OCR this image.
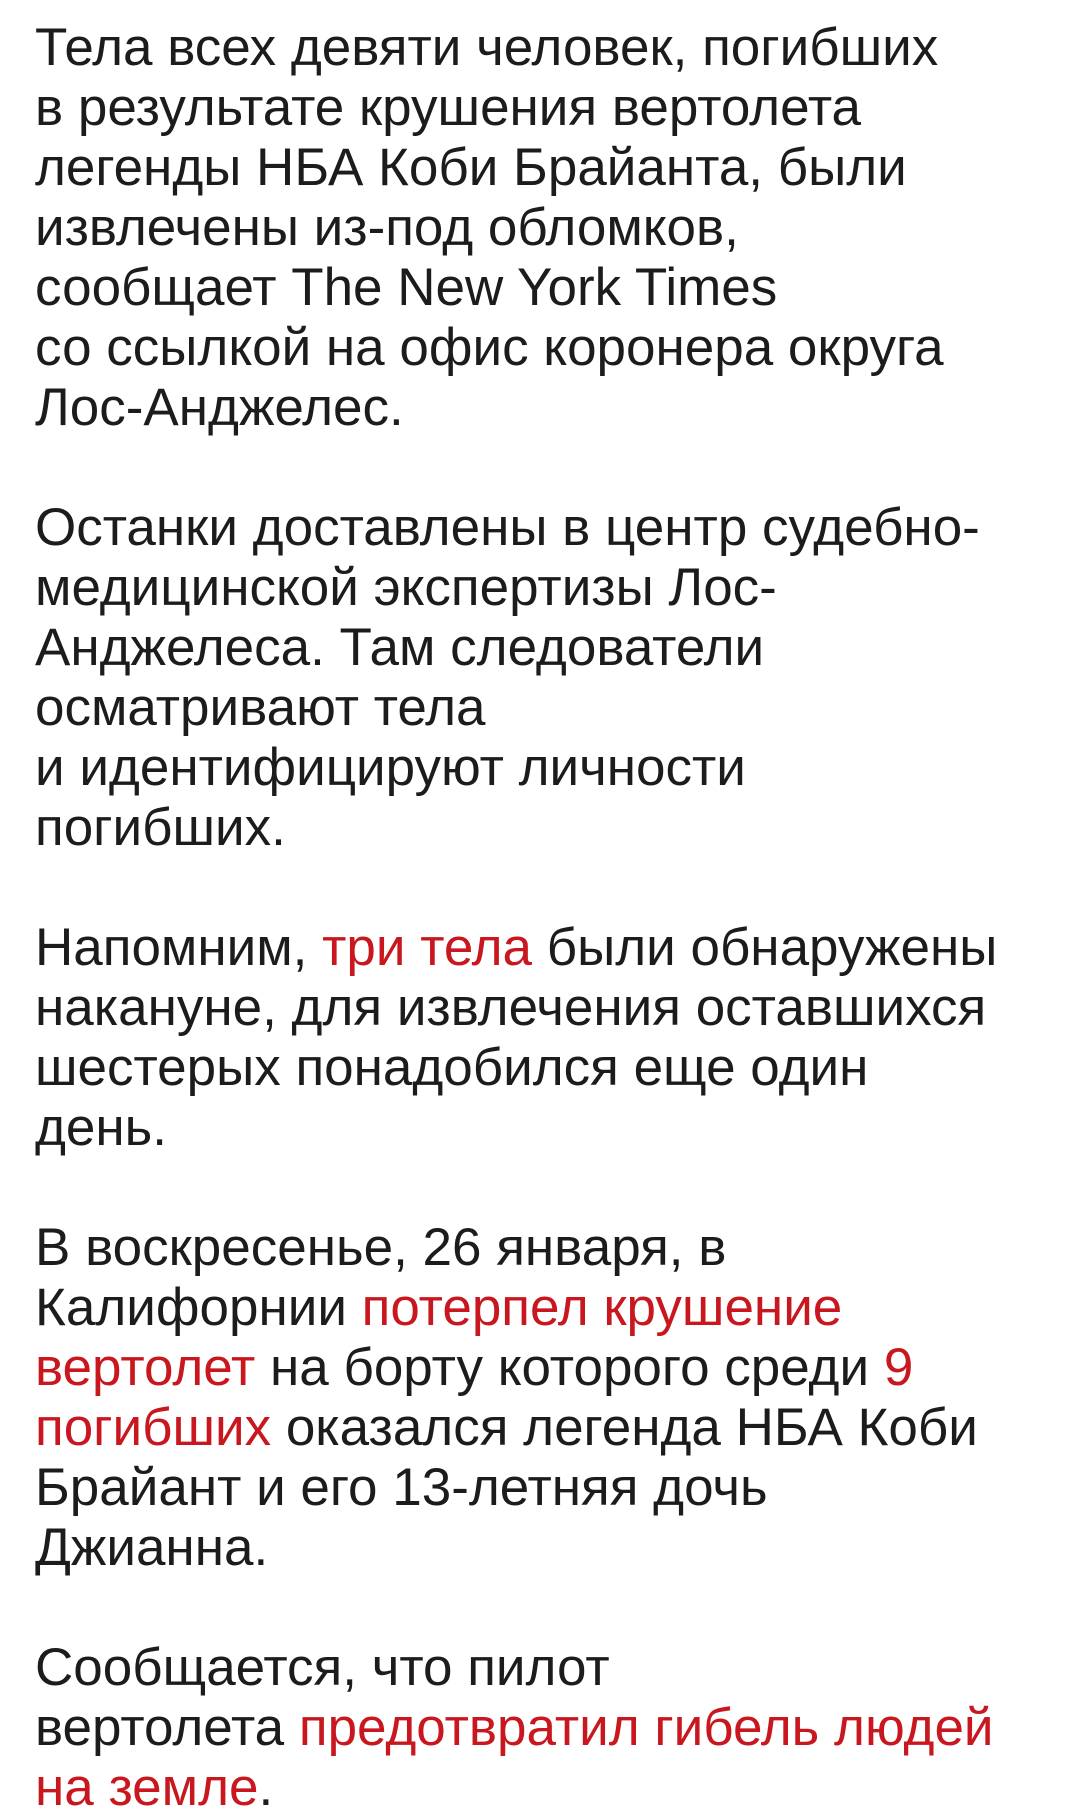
Тела всех девяти человек, погибших
в результате крушения вертолета
легенды НБА Коби Брайанта, были
извлечены из-под обломков,
сообщает The New York Times
со ссылкой на офис коронера округа
Лос-Анджелес.

Останки доставлены в центр судебно-
медицинской экспертизы Лос-
Анджелеса. Там следователи
осматривают тела
и идентифицируют личности
погибших.

Напомним, три тела были обнаружены
накануне, для извлечения оставшихся
шестерых понадобился еще один
день.

В воскресенье, 26 января, в
Калифорнии потерпел крушение
вертолет на борту которого среди 9
погибших оказался легенда НБА Коби
Брайант и его 13-летняя дочь
Джианна.

Сообщается, что пилот
вертолета предотвратил гибель людей
на земле.
